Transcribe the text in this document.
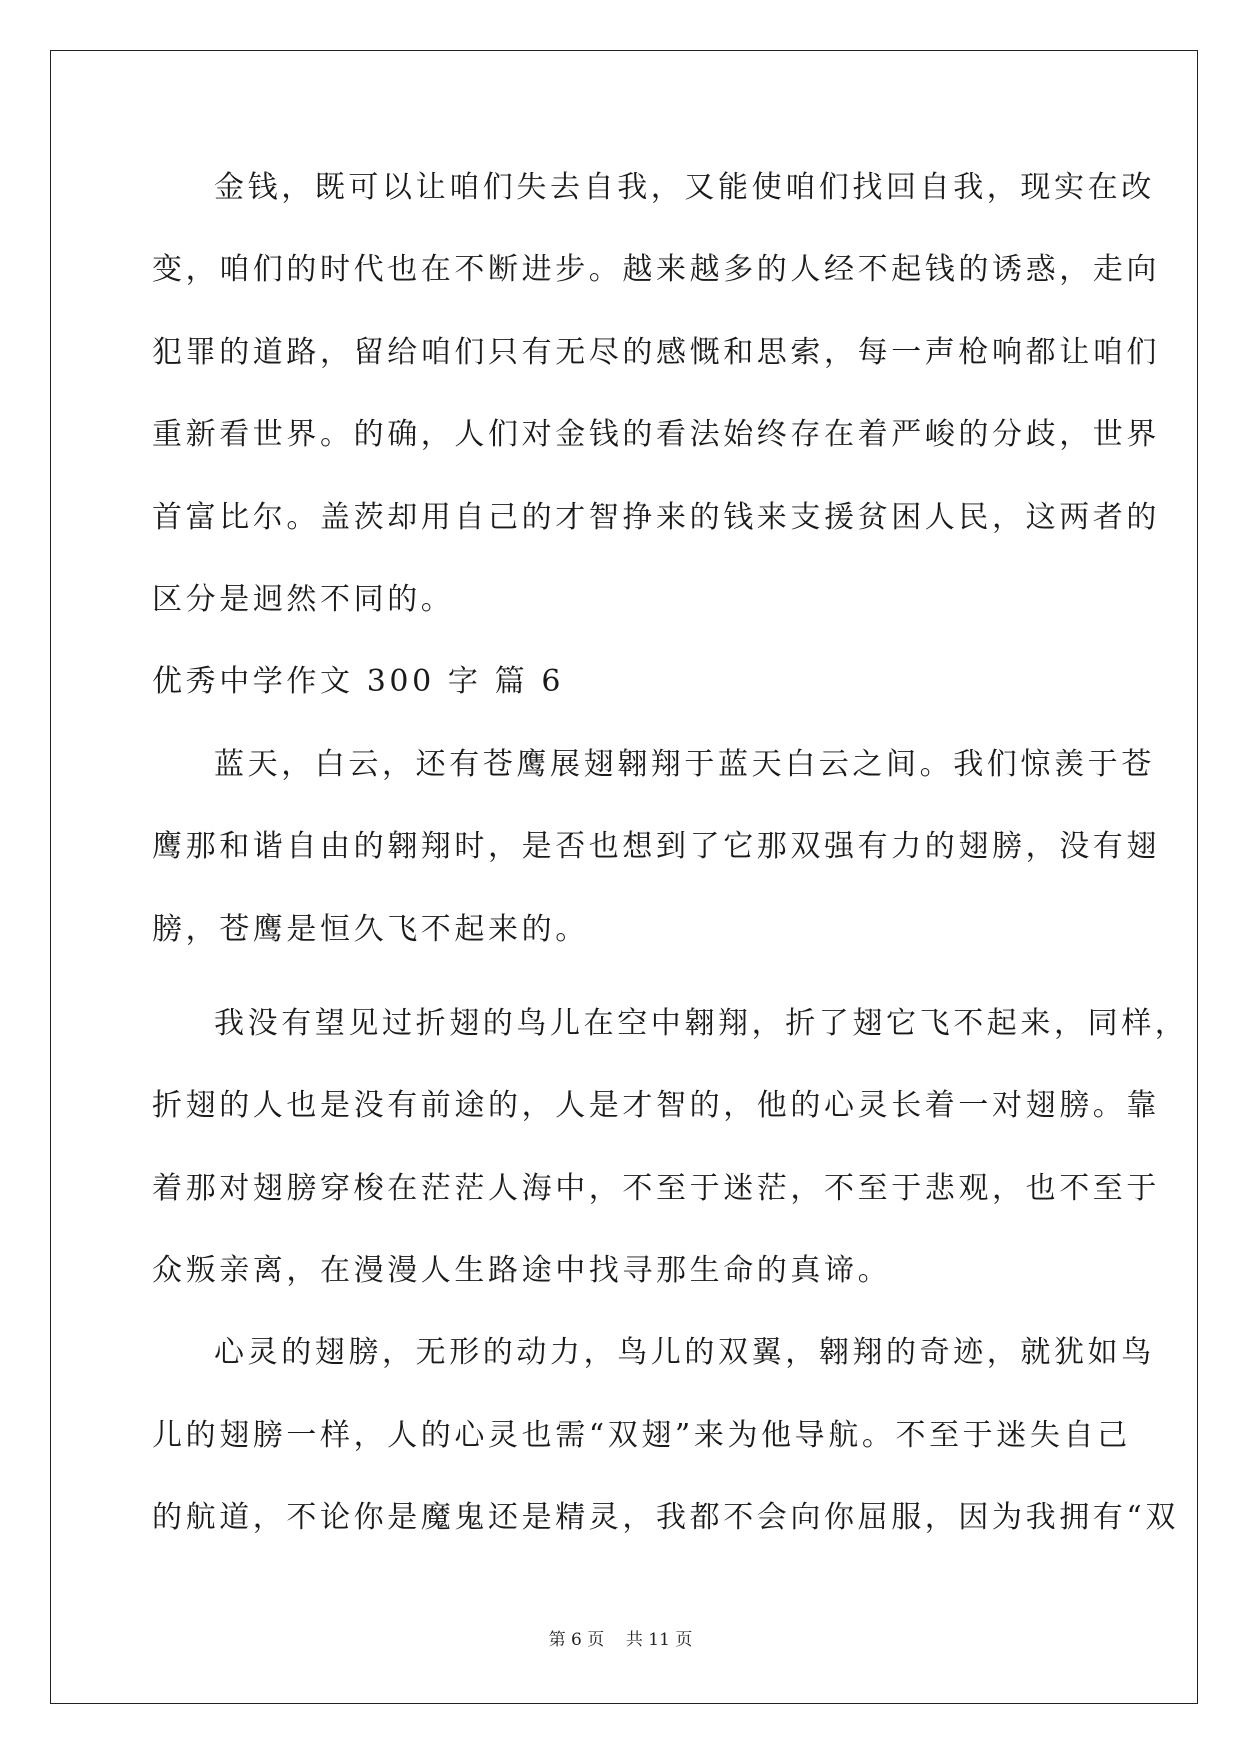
金钱，既可以让咱们失去自我，又能使咱们找回自我，现实在改
变，咱们的时代也在不断进步。越来越多的人经不起钱的诱惑，走向
犯罪的道路，留给咱们只有无尽的感慨和思索，每一声枪响都让咱们
重新看世界。的确，人们对金钱的看法始终存在着严峻的分歧，世界
首富比尔。盖茨却用自己的才智挣来的钱来支援贫困人民，这两者的
区分是迥然不同的。
优秀中学作文 300 字 篇 6
蓝天，白云，还有苍鹰展翅翱翔于蓝天白云之间。我们惊羡于苍
鹰那和谐自由的翱翔时，是否也想到了它那双强有力的翅膀，没有翅
膀，苍鹰是恒久飞不起来的。
我没有望见过折翅的鸟儿在空中翱翔，折了翅它飞不起来，同样，
折翅的人也是没有前途的，人是才智的，他的心灵长着一对翅膀。靠
着那对翅膀穿梭在茫茫人海中，不至于迷茫，不至于悲观，也不至于
众叛亲离，在漫漫人生路途中找寻那生命的真谛。
心灵的翅膀，无形的动力，鸟儿的双翼，翱翔的奇迹，就犹如鸟
儿的翅膀一样，人的心灵也需“双翅”来为他导航。不至于迷失自己
的航道，不论你是魔鬼还是精灵，我都不会向你屈服，因为我拥有“双
第 6 页    共 11 页
